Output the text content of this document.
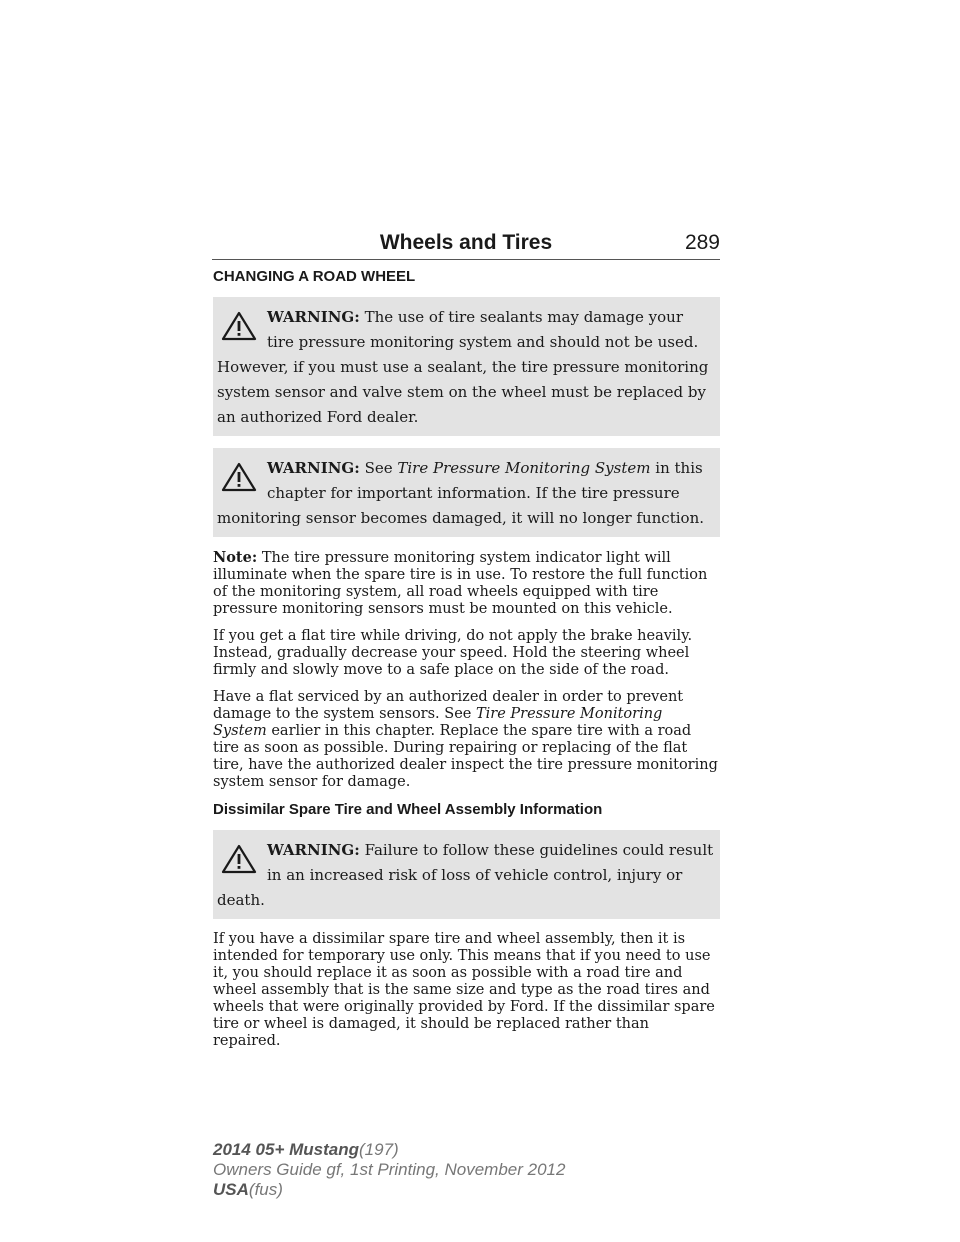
Wheels and Tires	289
CHANGING A ROAD WHEEL
WARNING: The use of tire sealants may damage your tire pressure monitoring system and should not be used. However, if you must use a sealant, the tire pressure monitoring system sensor and valve stem on the wheel must be replaced by an authorized Ford dealer.
WARNING: See Tire Pressure Monitoring System in this chapter for important information. If the tire pressure monitoring sensor becomes damaged, it will no longer function.

Note: The tire pressure monitoring system indicator light will illuminate when the spare tire is in use. To restore the full function of the monitoring system, all road wheels equipped with tire pressure monitoring sensors must be mounted on this vehicle.

If you get a flat tire while driving, do not apply the brake heavily. Instead, gradually decrease your speed. Hold the steering wheel firmly and slowly move to a safe place on the side of the road.

Have a flat serviced by an authorized dealer in order to prevent damage to the system sensors. See Tire Pressure Monitoring System earlier in this chapter. Replace the spare tire with a road tire as soon as possible. During repairing or replacing of the flat tire, have the authorized dealer inspect the tire pressure monitoring system sensor for damage.

Dissimilar Spare Tire and Wheel Assembly Information
WARNING: Failure to follow these guidelines could result in an increased risk of loss of vehicle control, injury or death.

If you have a dissimilar spare tire and wheel assembly, then it is intended for temporary use only. This means that if you need to use it, you should replace it as soon as possible with a road tire and wheel assembly that is the same size and type as the road tires and wheels that were originally provided by Ford. If the dissimilar spare tire or wheel is damaged, it should be replaced rather than repaired.

2014 05+ Mustang(197)
Owners Guide gf, 1st Printing, November 2012
USA(fus)
